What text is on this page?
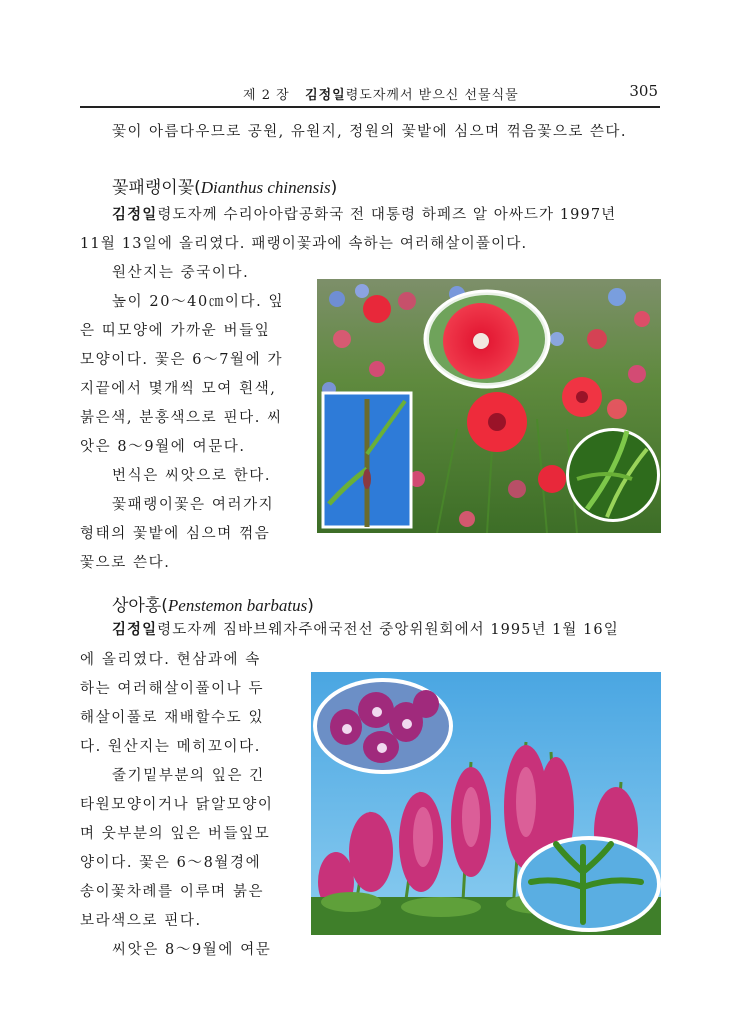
제 2 장 김정일령도자께서 받으신 선물식물	305

꽃이 아름다우므로 공원, 유원지, 정원의 꽃밭에 심으며 꺾음꽃으로 쓴다.

꽃패랭이꽃(Dianthus chinensis)

김정일령도자께 수리아아랍공화국 전 대통령 하페즈 알 아싸드가 1997년

11월 13일에 올리였다. 패랭이꽃과에 속하는 여러해살이풀이다.

원산지는 중국이다.

높이 20～40㎝이다. 잎

은 띠모양에 가까운 버들잎

모양이다. 꽃은 6～7월에 가

지끝에서 몇개씩 모여 흰색,

붉은색, 분홍색으로 핀다. 씨

앗은 8～9월에 여문다.

번식은 씨앗으로 한다.

꽃패랭이꽃은 여러가지

형태의 꽃밭에 심으며 꺾음

꽃으로 쓴다.

상아홍(Penstemon barbatus)

김정일령도자께 짐바브웨자주애국전선 중앙위원회에서 1995년 1월 16일

에 올리였다. 현삼과에 속

하는 여러해살이풀이나 두

해살이풀로 재배할수도 있

다. 원산지는 메히꼬이다.

줄기밑부분의 잎은 긴

타원모양이거나 닭알모양이

며 웃부분의 잎은 버들잎모

양이다. 꽃은 6～8월경에

송이꽃차례를 이루며 붉은

보라색으로 핀다.

씨앗은 8～9월에 여문
